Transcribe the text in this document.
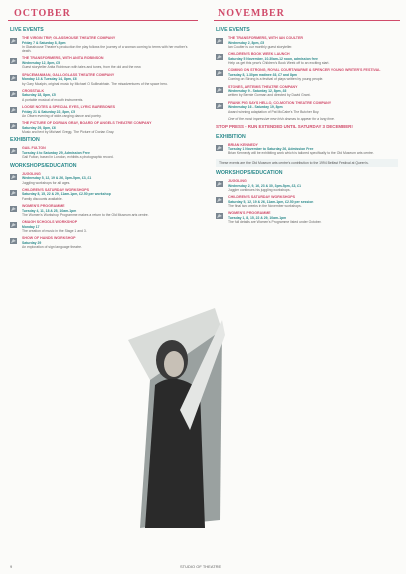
OCTOBER	NOVEMBER
LIVE EVENTS
THE VIRGIN TRIP, GLASSHOUSE THEATRE COMPANY
Friday 7 & Saturday 8, 8pm
In Glasshouse Theatre's production the play follows the journey of a woman coming to terms with her mother's death.
THE TRANSFORMERS, WITH ANITA ROBINSON
Wednesday 12, 8pm, £5
Guest storyteller Anita Robinson with tales and tunes, from the old and the new.
SPACEMANMAN, GALLOGLASS THEATRE COMPANY
Monday 13 & Tuesday 14, 8pm, £6
by Gary Mcalpin, original music by Michael O Suilleabhain. The misadventures of the space hero.
CROSSTALK
Saturday 18, 8pm, £5
A portable musical of mouth instruments.
LOOSE NOTES & SPECIAL EYES, LYRIC BAREBONES
Friday 21 & Saturday 22, 8pm, £5
An Olwen evening of wide-ranging dance and poetry.
THE PICTURE OF DORIAN GRAY, BOARD OF ANGELS THEATRE COMPANY
Saturday 29, 8pm, £6
Music and text by Michael Gregg. The Picture of Dorian Gray.
EXHIBITION
GAIL FULTON
Tuesday 4 to Saturday 29, Admission Free
Gail Fulton, based in London, exhibits a photographic record.
WORKSHOPS/EDUCATION
JUGGLING
Wednesday 5, 12, 19 & 26, 3pm-5pm, £3, £1
Juggling workshops for all ages.
CHILDREN'S SATURDAY WORKSHOPS
Saturday 8, 15, 22 & 29, 11am-1pm, £2.50 per workshop
Family discounts available.
WOMEN'S PROGRAMME
Tuesday 4, 11, 18 & 25, 10am-1pm
The Women's Workshop Programme makes a return to the Old Museum arts centre.
OMAGH SCHOOLS WORKSHOP
Monday 17
The creation of music in the Stage 1 and 3.
SHOW OF HANDS WORKSHOP
Saturday 29
An exploration of sign language theatre.
LIVE EVENTS
THE TRANSFORMERS, WITH IAN COULTER
Wednesday 2, 8pm, £5
Ian Coulter is our monthly guest storyteller.
CHILDREN'S BOOK WEEK LAUNCH
Saturday 5 November, 10.30am-12 noon, admission free
Help us get this year's Children's Book Week off to an exciting start.
COMING ON STRONG, ROYAL COURT/WARNE & SPENCER YOUNG WRITER'S FESTIVAL
Tuesday 8, 1.30pm matinee £6, £7 and 8pm
Coming on Strong is a festival of plays written by young people.
STONES, ARTEMIS THEATRE COMPANY
Wednesday 9 - Saturday 12, 8pm, £6
written by Bernie Gorman and directed by David Grant.
FRANK PIG SAYS HELLO, CO-MOTION THEATRE COMPANY
Wednesday 16 - Saturday 19, 8pm
Award winning adaptation of Pat McCabe's The Butcher Boy.
One of the most impressive new Irish dramas to appear for a long time.
STOP PRESS - RUN EXTENDED UNTIL SATURDAY 3 DECEMBER!
EXHIBITION
BRIAN KENNEDY
Tuesday 1 November to Saturday 26, Admission Free
Brian Kennedy will be exhibiting work which is tailored specifically to the Old Museum arts centre.
These events are the Old Museum arts centre's contribution to the 1994 Belfast Festival at Queen's.
WORKSHOPS/EDUCATION
JUGGLING
Wednesday 2, 9, 16, 23 & 30, 3pm-5pm, £3, £1
Juggler continues his juggling workshops.
CHILDREN'S SATURDAY WORKSHOPS
Saturday 5, 12, 19 & 26, 11am-1pm, £2.50 per session
The final two weeks in the November workshops.
WOMEN'S PROGRAMME
Tuesday 1, 8, 15, 22 & 29, 10am-1pm
The full details are Women's Programme listed under October.
9	STUDIO OF THEATRE
